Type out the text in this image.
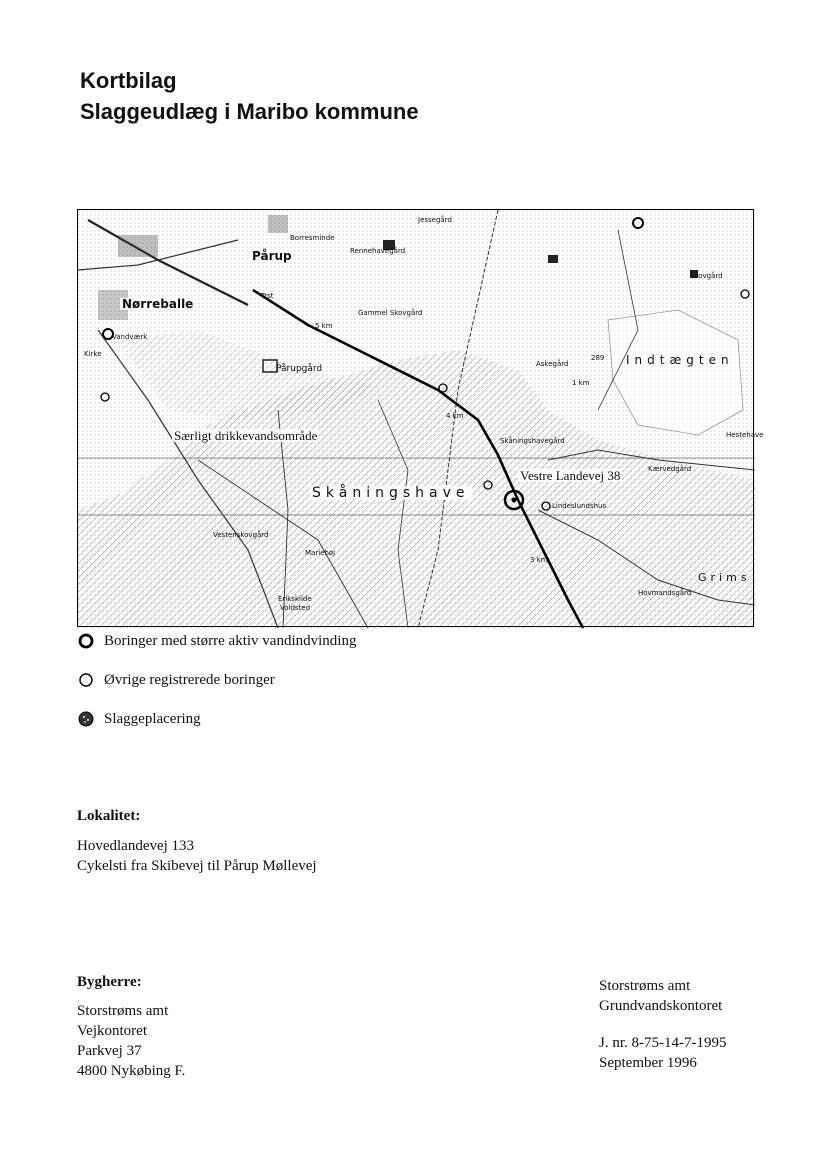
Kortbilag
Slaggeudlæg i Maribo kommune
Pårup
Nørreballe
Særligt drikkevandsområde
Skåningshave
Vestre Landevej 38
Indtægten
Grims
Pårupgård
Borresminde
Rennehavegård
Jessegård
Gammel Skovgård
Trst
Vandværk
Kirke
Skovgård
Askegård
Hestehave
Skåningshavegård
Kærvedgård
Lindeslundshus
Vestenskovgård
Mariehøj
Erikskilde
Voldsted
Hovmandsgård
3 km
4 km
5 km
1 km
289
Boringer med større aktiv vandindvinding
Øvrige registrerede boringer
Slaggeplacering
Lokalitet:
Hovedlandevej 133
Cykelsti fra Skibevej til Pårup Møllevej
Bygherre:
Storstrøms amt
Vejkontoret
Parkvej 37
4800 Nykøbing F.
Storstrøms amt
Grundvandskontoret
J. nr. 8-75-14-7-1995
September 1996
